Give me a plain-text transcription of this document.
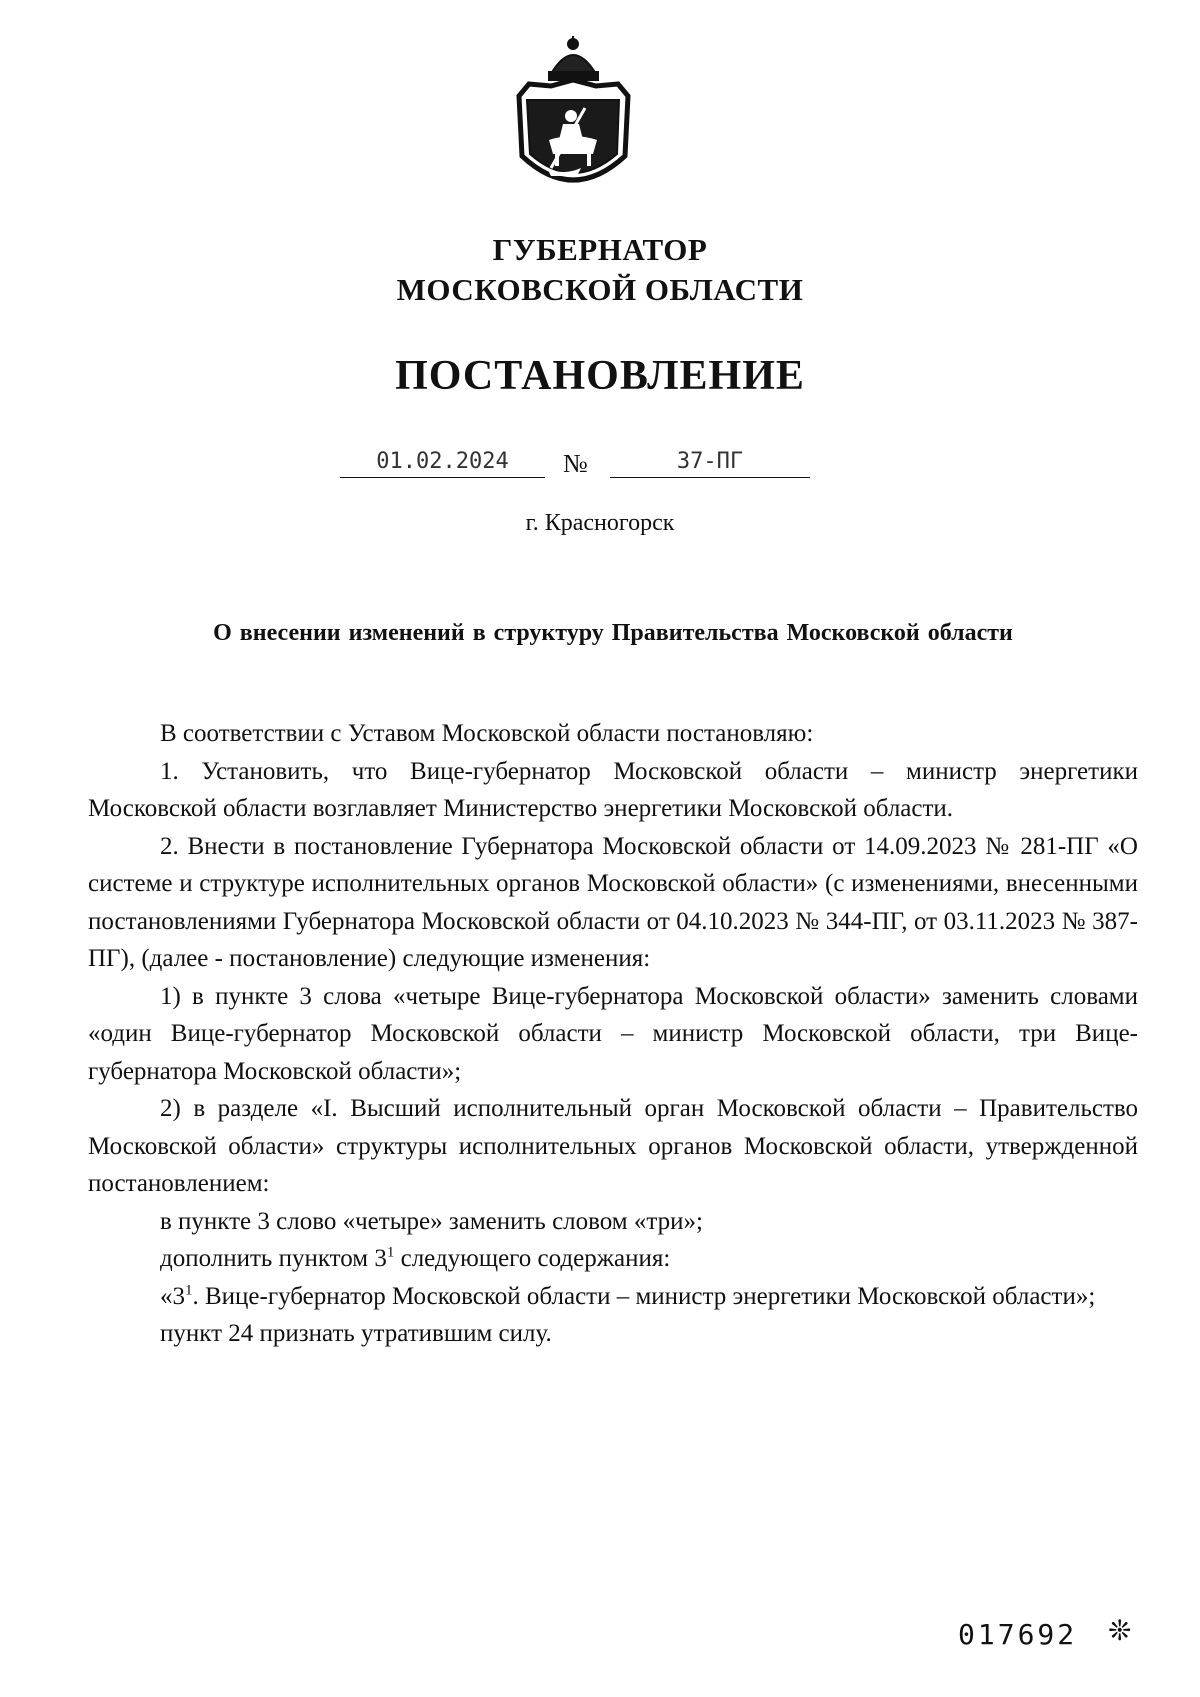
ГУБЕРНАТОР
МОСКОВСКОЙ ОБЛАСТИ
ПОСТАНОВЛЕНИЕ
01.02.2024	№	37-ПГ
г. Красногорск
О внесении изменений в структуру Правительства Московской области

В соответствии с Уставом Московской области постановляю:

1. Установить, что Вице-губернатор Московской области – министр энергетики Московской области возглавляет Министерство энергетики Московской области.

2. Внести в постановление Губернатора Московской области от 14.09.2023 № 281-ПГ «О системе и структуре исполнительных органов Московской области» (с изменениями, внесенными постановлениями Губернатора Московской области от 04.10.2023 № 344-ПГ, от 03.11.2023 № 387-ПГ), (далее - постановление) следующие изменения:

1) в пункте 3 слова «четыре Вице-губернатора Московской области» заменить словами «один Вице-губернатор Московской области – министр Московской области, три Вице-губернатора Московской области»;

2) в разделе «I. Высший исполнительный орган Московской области – Правительство Московской области» структуры исполнительных органов Московской области, утвержденной постановлением:

в пункте 3 слово «четыре» заменить словом «три»;

дополнить пунктом $3^1$ следующего содержания:

«$3^1$. Вице-губернатор Московской области – министр энергетики Московской области»;

пункт 24 признать утратившим силу.

017692 ❊
